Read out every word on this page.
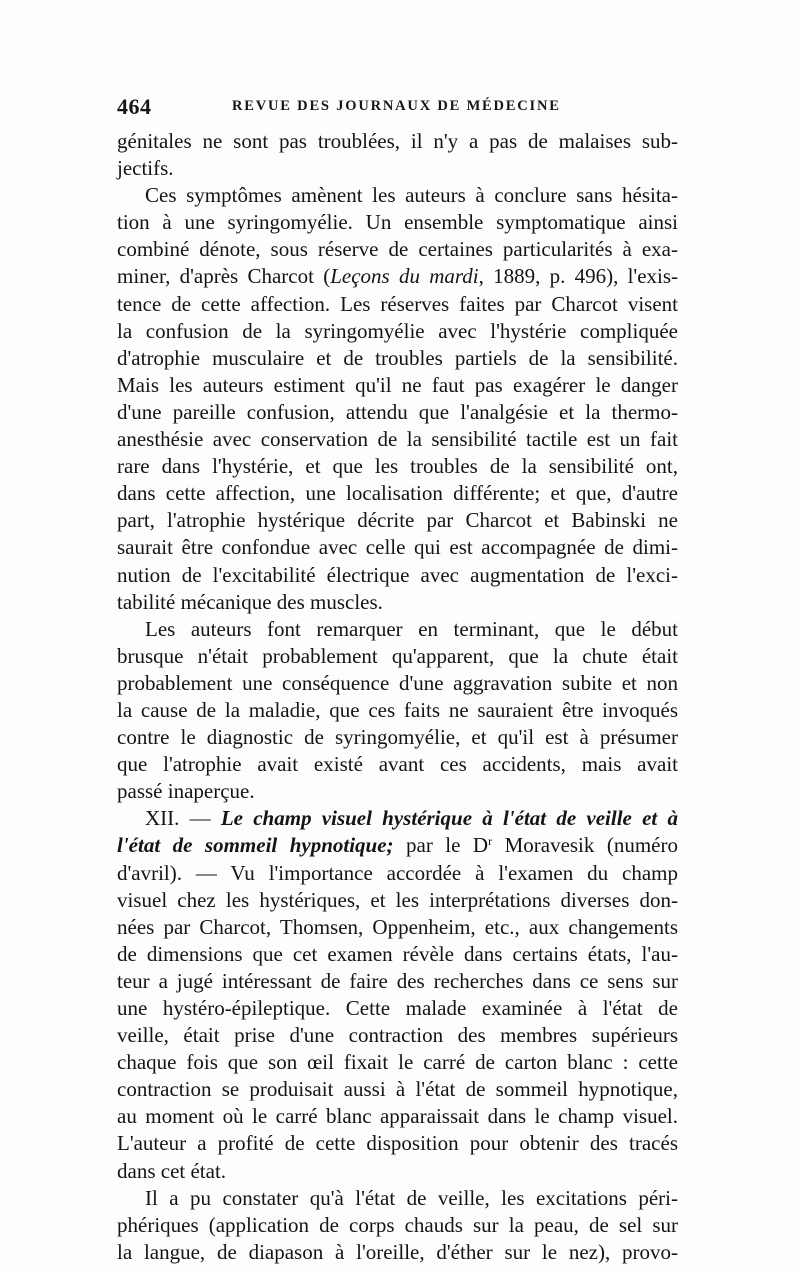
464	REVUE DES JOURNAUX DE MÉDECINE
génitales ne sont pas troublées, il n'y a pas de malaises sub-
jectifs.
Ces symptômes amènent les auteurs à conclure sans hésita-
tion à une syringomyélie. Un ensemble symptomatique ainsi
combiné dénote, sous réserve de certaines particularités à exa-
miner, d'après Charcot (Leçons du mardi, 1889, p. 496), l'exis-
tence de cette affection. Les réserves faites par Charcot visent
la confusion de la syringomyélie avec l'hystérie compliquée
d'atrophie musculaire et de troubles partiels de la sensibilité.
Mais les auteurs estiment qu'il ne faut pas exagérer le danger
d'une pareille confusion, attendu que l'analgésie et la thermo-
anesthésie avec conservation de la sensibilité tactile est un fait
rare dans l'hystérie, et que les troubles de la sensibilité ont,
dans cette affection, une localisation différente; et que, d'autre
part, l'atrophie hystérique décrite par Charcot et Babinski ne
saurait être confondue avec celle qui est accompagnée de dimi-
nution de l'excitabilité électrique avec augmentation de l'exci-
tabilité mécanique des muscles.
Les auteurs font remarquer en terminant, que le début
brusque n'était probablement qu'apparent, que la chute était
probablement une conséquence d'une aggravation subite et non
la cause de la maladie, que ces faits ne sauraient être invoqués
contre le diagnostic de syringomyélie, et qu'il est à présumer
que l'atrophie avait existé avant ces accidents, mais avait
passé inaperçue.
XII. — Le champ visuel hystérique à l'état de veille et à
l'état de sommeil hypnotique; par le $D^r$ Moravesik (numéro
d'avril). — Vu l'importance accordée à l'examen du champ
visuel chez les hystériques, et les interprétations diverses don-
nées par Charcot, Thomsen, Oppenheim, etc., aux changements
de dimensions que cet examen révèle dans certains états, l'au-
teur a jugé intéressant de faire des recherches dans ce sens sur
une hystéro-épileptique. Cette malade examinée à l'état de
veille, était prise d'une contraction des membres supérieurs
chaque fois que son œil fixait le carré de carton blanc : cette
contraction se produisait aussi à l'état de sommeil hypnotique,
au moment où le carré blanc apparaissait dans le champ visuel.
L'auteur a profité de cette disposition pour obtenir des tracés
dans cet état.
Il a pu constater qu'à l'état de veille, les excitations péri-
phériques (application de corps chauds sur la peau, de sel sur
la langue, de diapason à l'oreille, d'éther sur le nez), provo-
